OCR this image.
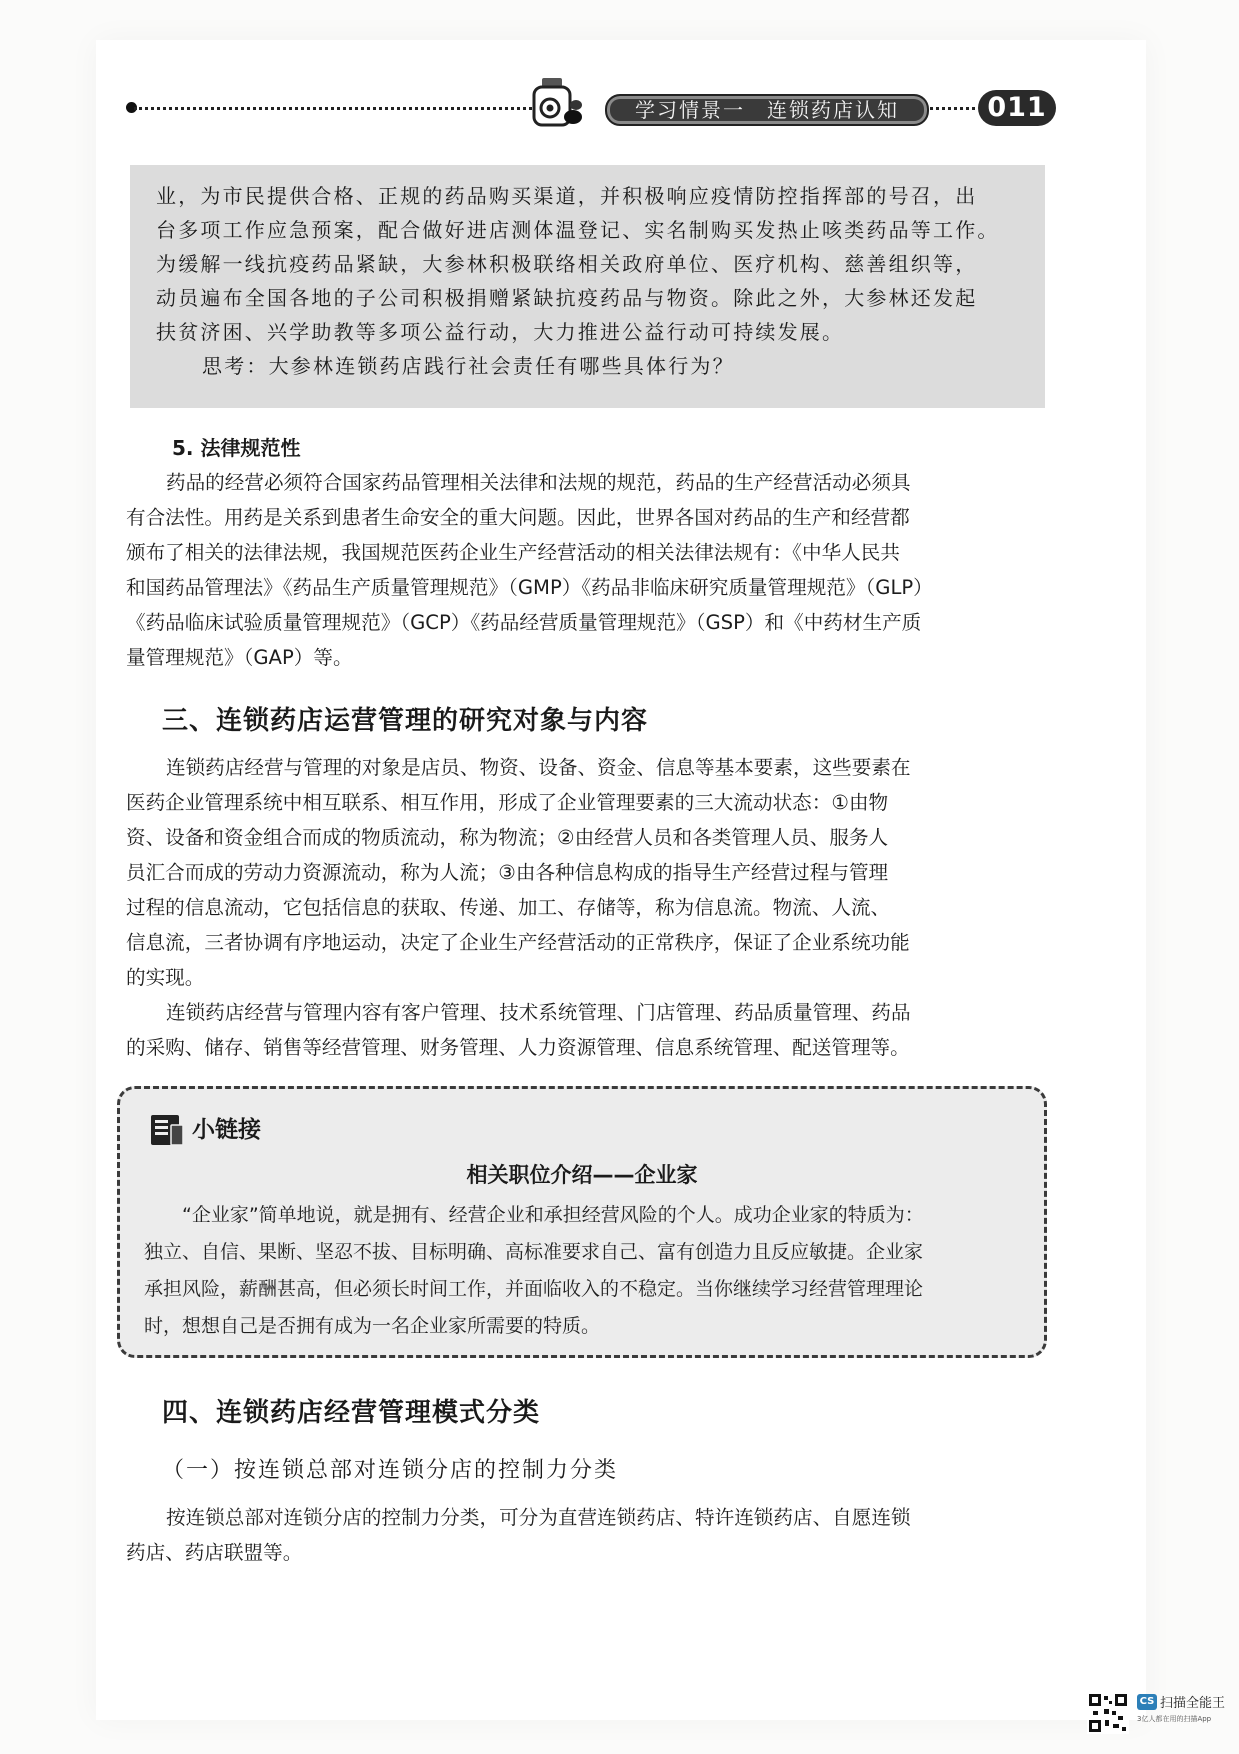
学习情景一　连锁药店认知	011

业，为市民提供合格、正规的药品购买渠道，并积极响应疫情防控指挥部的号召，出

台多项工作应急预案，配合做好进店测体温登记、实名制购买发热止咳类药品等工作。

为缓解一线抗疫药品紧缺，大参林积极联络相关政府单位、医疗机构、慈善组织等，

动员遍布全国各地的子公司积极捐赠紧缺抗疫药品与物资。除此之外，大参林还发起

扶贫济困、兴学助教等多项公益行动，大力推进公益行动可持续发展。

思考：大参林连锁药店践行社会责任有哪些具体行为？

5. 法律规范性

药品的经营必须符合国家药品管理相关法律和法规的规范，药品的生产经营活动必须具

有合法性。用药是关系到患者生命安全的重大问题。因此，世界各国对药品的生产和经营都

颁布了相关的法律法规，我国规范医药企业生产经营活动的相关法律法规有：《中华人民共

和国药品管理法》《药品生产质量管理规范》（GMP）《药品非临床研究质量管理规范》（GLP）

《药品临床试验质量管理规范》（GCP）《药品经营质量管理规范》（GSP）和《中药材生产质

量管理规范》（GAP）等。

三、连锁药店运营管理的研究对象与内容

连锁药店经营与管理的对象是店员、物资、设备、资金、信息等基本要素，这些要素在

医药企业管理系统中相互联系、相互作用，形成了企业管理要素的三大流动状态：①由物

资、设备和资金组合而成的物质流动，称为物流；②由经营人员和各类管理人员、服务人

员汇合而成的劳动力资源流动，称为人流；③由各种信息构成的指导生产经营过程与管理

过程的信息流动，它包括信息的获取、传递、加工、存储等，称为信息流。物流、人流、

信息流，三者协调有序地运动，决定了企业生产经营活动的正常秩序，保证了企业系统功能

的实现。

连锁药店经营与管理内容有客户管理、技术系统管理、门店管理、药品质量管理、药品

的采购、储存、销售等经营管理、财务管理、人力资源管理、信息系统管理、配送管理等。

小链接
相关职位介绍——企业家

“企业家”简单地说，就是拥有、经营企业和承担经营风险的个人。成功企业家的特质为：

独立、自信、果断、坚忍不拔、目标明确、高标准要求自己、富有创造力且反应敏捷。企业家

承担风险，薪酬甚高，但必须长时间工作，并面临收入的不稳定。当你继续学习经营管理理论

时，想想自己是否拥有成为一名企业家所需要的特质。

四、连锁药店经营管理模式分类
（一）按连锁总部对连锁分店的控制力分类

按连锁总部对连锁分店的控制力分类，可分为直营连锁药店、特许连锁药店、自愿连锁

药店、药店联盟等。

CS 扫描全能王
3亿人都在用的扫描App
